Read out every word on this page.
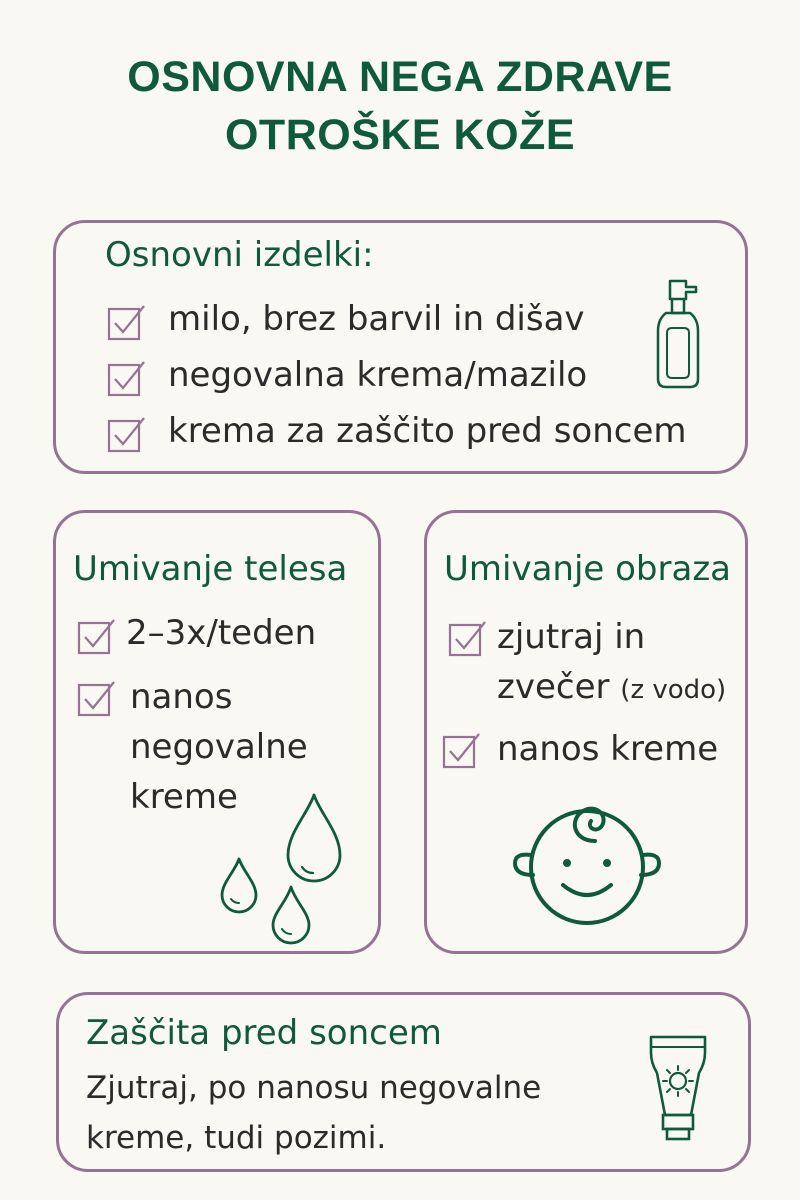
OSNOVNA NEGA ZDRAVE
OTROŠKE KOŽE
Osnovni izdelki:
milo, brez barvil in dišav
negovalna krema/mazilo
krema za zaščito pred soncem
Umivanje telesa
2–3x/teden
nanos
negovalne
kreme
Umivanje obraza
zjutraj in
zvečer (z vodo)
nanos kreme
Zaščita pred soncem
Zjutraj, po nanosu negovalne
kreme, tudi pozimi.
